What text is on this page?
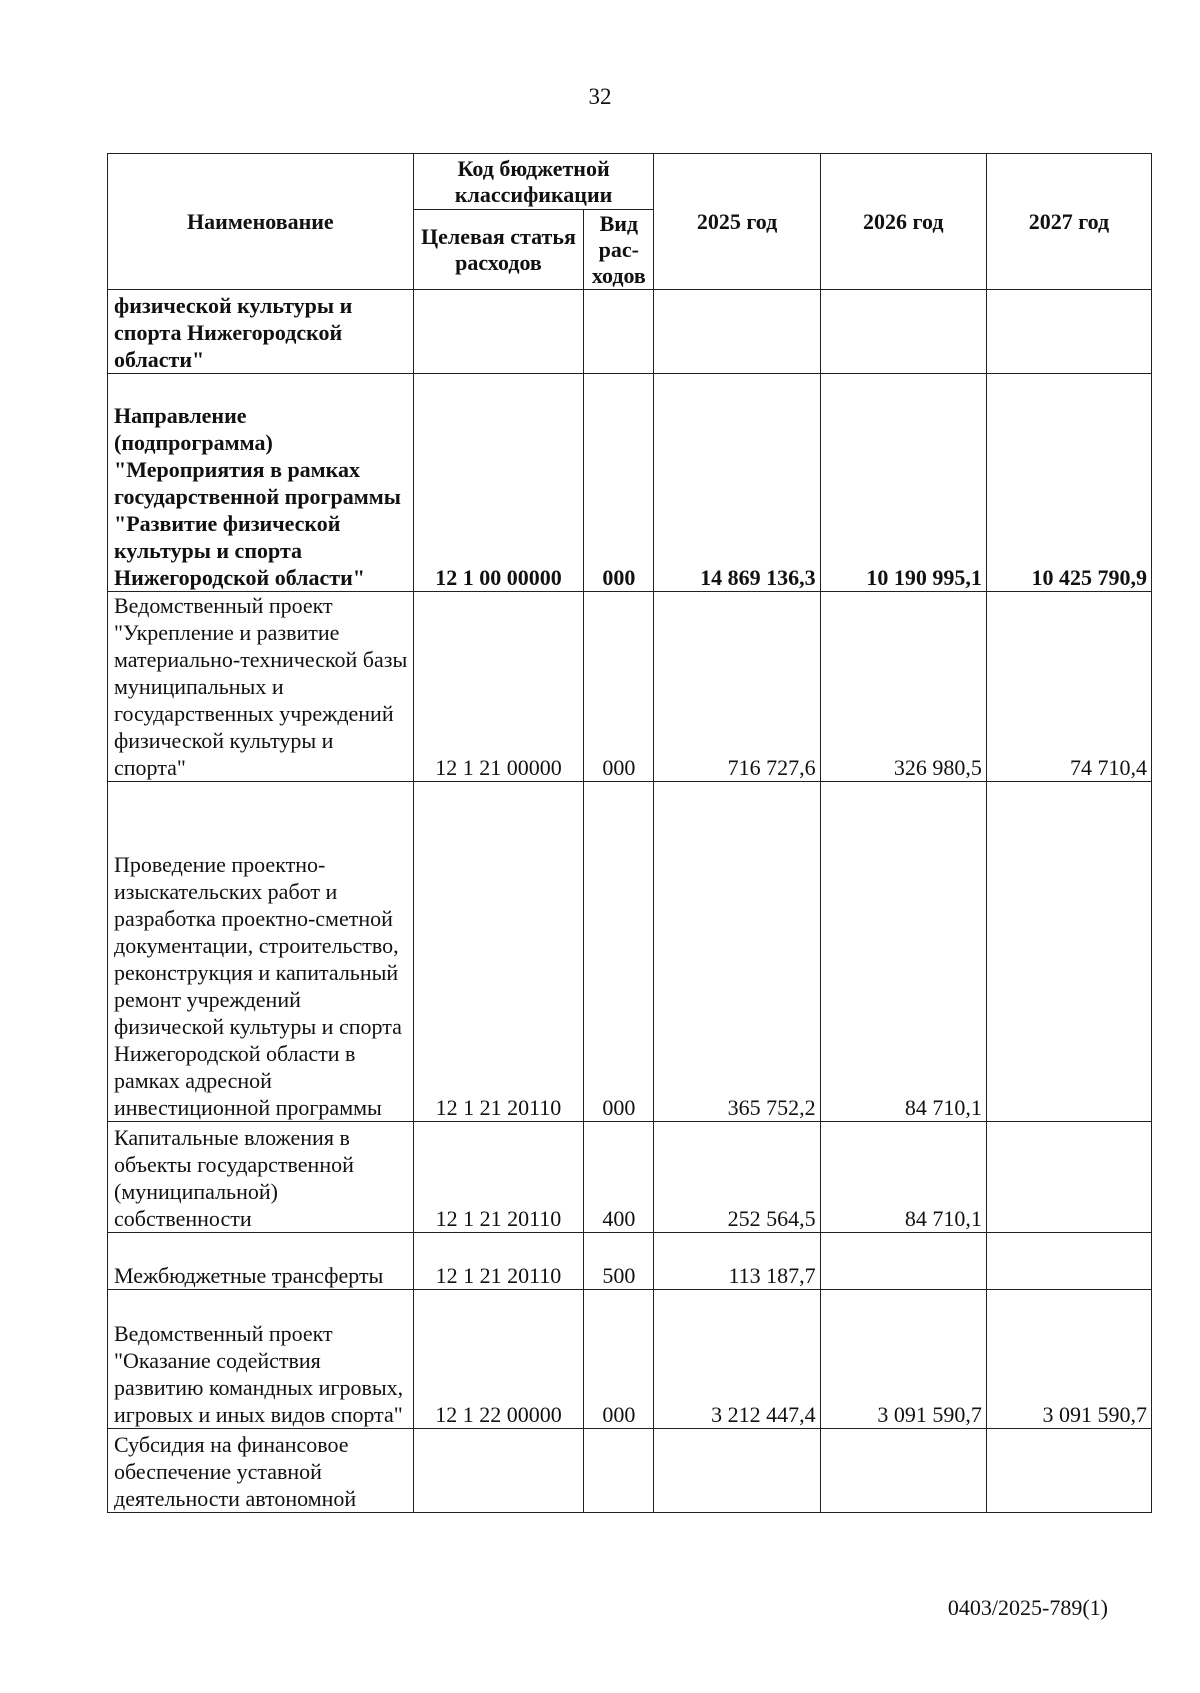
32
Наименование	Код бюджетной классификации		2025 год	2026 год	2027 год
	Целевая статья расходов	Вид рас-ходов			
физической культуры и спорта Нижегородской области"					
Направление (подпрограмма) "Мероприятия в рамках государственной программы "Развитие физической культуры и спорта Нижегородской области"	12 1 00 00000	000	14 869 136,3	10 190 995,1	10 425 790,9
Ведомственный проект "Укрепление и развитие материально-технической базы муниципальных и государственных учреждений физической культуры и спорта"	12 1 21 00000	000	716 727,6	326 980,5	74 710,4
Проведение проектно-изыскательских работ и разработка проектно-сметной документации, строительство, реконструкция и капитальный ремонт учреждений физической культуры и спорта Нижегородской области в рамках адресной инвестиционной программы	12 1 21 20110	000	365 752,2	84 710,1	
Капитальные вложения в объекты государственной (муниципальной) собственности	12 1 21 20110	400	252 564,5	84 710,1	
Межбюджетные трансферты	12 1 21 20110	500	113 187,7		
Ведомственный проект "Оказание содействия развитию командных игровых, игровых и иных видов спорта"	12 1 22 00000	000	3 212 447,4	3 091 590,7	3 091 590,7
Субсидия на финансовое обеспечение уставной деятельности автономной					
0403/2025-789(1)
